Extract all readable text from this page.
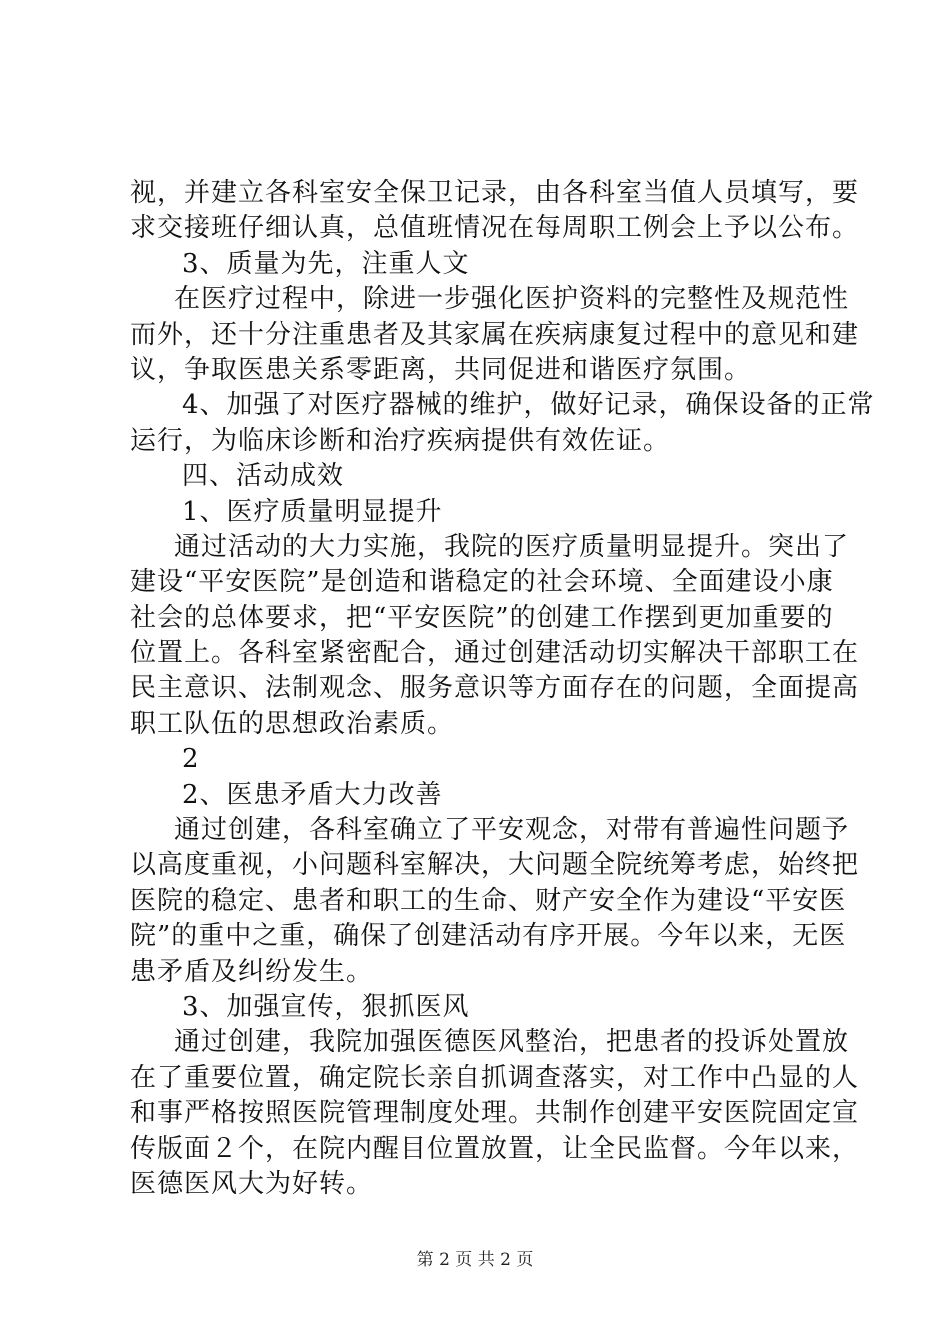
视，并建立各科室安全保卫记录，由各科室当值人员填写，要
求交接班仔细认真，总值班情况在每周职工例会上予以公布。
3、质量为先，注重人文
在医疗过程中，除进一步强化医护资料的完整性及规范性
而外，还十分注重患者及其家属在疾病康复过程中的意见和建
议，争取医患关系零距离，共同促进和谐医疗氛围。
4、加强了对医疗器械的维护，做好记录，确保设备的正常
运行，为临床诊断和治疗疾病提供有效佐证。
四、活动成效
1、医疗质量明显提升
通过活动的大力实施，我院的医疗质量明显提升。突出了
建设“平安医院”是创造和谐稳定的社会环境、全面建设小康
社会的总体要求，把“平安医院”的创建工作摆到更加重要的
位置上。各科室紧密配合，通过创建活动切实解决干部职工在
民主意识、法制观念、服务意识等方面存在的问题，全面提高
职工队伍的思想政治素质。
2
2、医患矛盾大力改善
通过创建，各科室确立了平安观念，对带有普遍性问题予
以高度重视，小问题科室解决，大问题全院统筹考虑，始终把
医院的稳定、患者和职工的生命、财产安全作为建设“平安医
院”的重中之重，确保了创建活动有序开展。今年以来，无医
患矛盾及纠纷发生。
3、加强宣传，狠抓医风
通过创建，我院加强医德医风整治，把患者的投诉处置放
在了重要位置，确定院长亲自抓调查落实，对工作中凸显的人
和事严格按照医院管理制度处理。共制作创建平安医院固定宣
传版面２个，在院内醒目位置放置，让全民监督。今年以来，
医德医风大为好转。
第 2 页 共 2 页
